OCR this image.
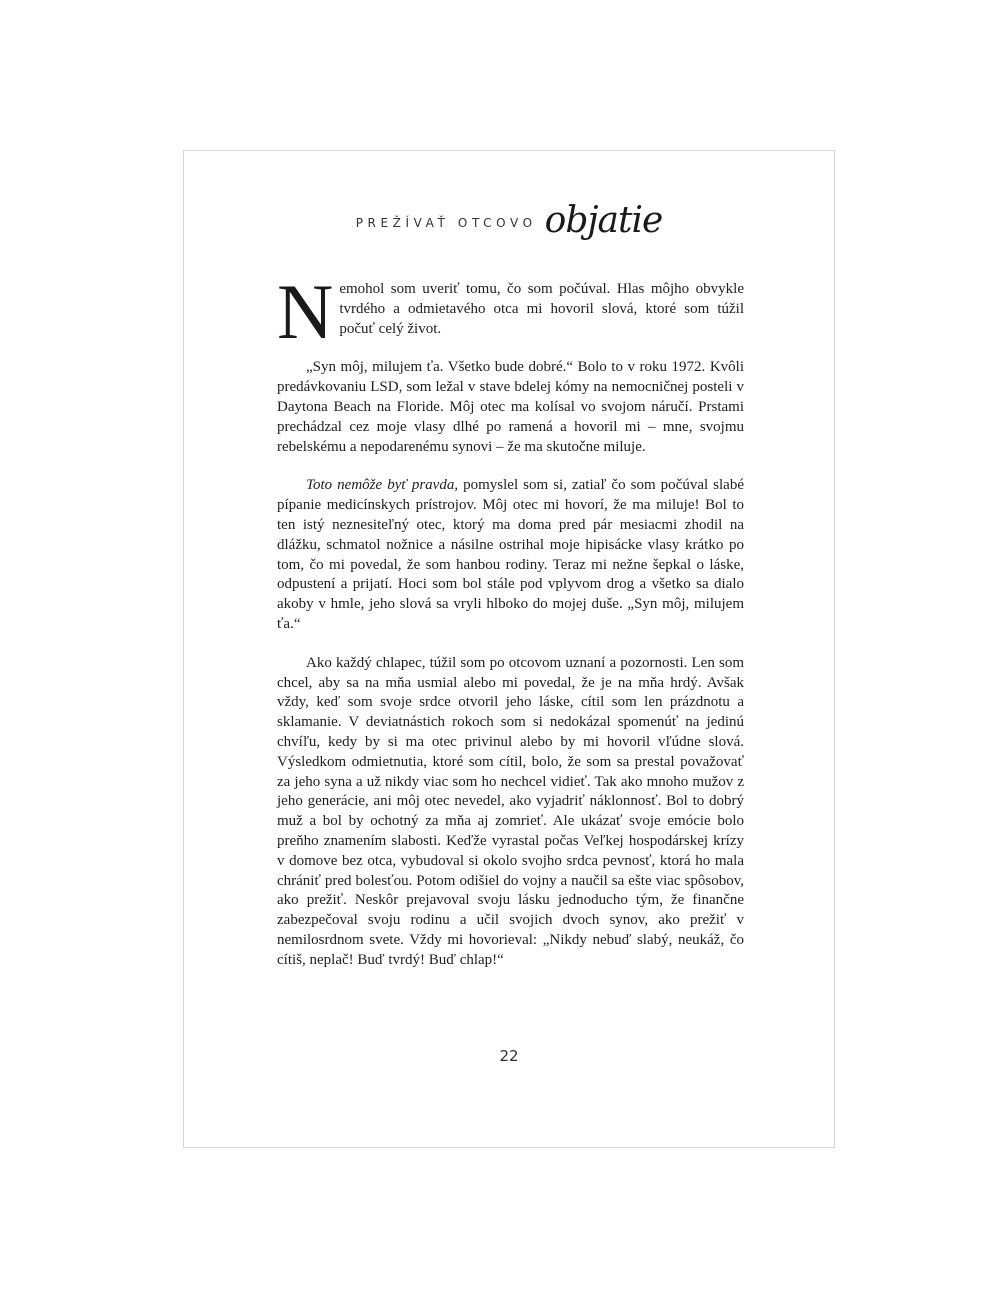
PREŽÍVAŤ OTCOVO objatie

Nemohol som uveriť tomu, čo som počúval. Hlas môjho obvykle tvrdého a odmietavého otca mi hovoril slová, ktoré som túžil počuť celý život.

„Syn môj, milujem ťa. Všetko bude dobré.“ Bolo to v roku 1972. Kvôli predávkovaniu LSD, som ležal v stave bdelej kómy na nemocničnej posteli v Daytona Beach na Floride. Môj otec ma kolísal vo svojom náručí. Prstami prechádzal cez moje vlasy dlhé po ramená a hovoril mi – mne, svojmu rebelskému a nepodarenému synovi – že ma skutočne miluje.

Toto nemôže byť pravda, pomyslel som si, zatiaľ čo som počúval slabé pípanie medicínskych prístrojov. Môj otec mi hovorí, že ma miluje! Bol to ten istý neznesiteľný otec, ktorý ma doma pred pár mesiacmi zhodil na dlážku, schmatol nožnice a násilne ostrihal moje hipisácke vlasy krátko po tom, čo mi povedal, že som hanbou rodiny. Teraz mi nežne šepkal o láske, odpustení a prijatí. Hoci som bol stále pod vplyvom drog a všetko sa dialo akoby v hmle, jeho slová sa vryli hlboko do mojej duše. „Syn môj, milujem ťa.“

Ako každý chlapec, túžil som po otcovom uznaní a pozornosti. Len som chcel, aby sa na mňa usmial alebo mi povedal, že je na mňa hrdý. Avšak vždy, keď som svoje srdce otvoril jeho láske, cítil som len prázdnotu a sklamanie. V deviatnástich rokoch som si nedokázal spomenúť na jedinú chvíľu, kedy by si ma otec privinul alebo by mi hovoril vľúdne slová. Výsledkom odmietnutia, ktoré som cítil, bolo, že som sa prestal považovať za jeho syna a už nikdy viac som ho nechcel vidieť. Tak ako mnoho mužov z jeho generácie, ani môj otec nevedel, ako vyjadriť náklonnosť. Bol to dobrý muž a bol by ochotný za mňa aj zomrieť. Ale ukázať svoje emócie bolo preňho znamením slabosti. Keďže vyrastal počas Veľkej hospodárskej krízy v domove bez otca, vybudoval si okolo svojho srdca pevnosť, ktorá ho mala chrániť pred bolesťou. Potom odišiel do vojny a naučil sa ešte viac spôsobov, ako prežiť. Neskôr prejavoval svoju lásku jednoducho tým, že finančne zabezpečoval svoju rodinu a učil svojich dvoch synov, ako prežiť v nemilosrdnom svete. Vždy mi hovorieval: „Nikdy nebuď slabý, neukáž, čo cítiš, neplač! Buď tvrdý! Buď chlap!“

22
